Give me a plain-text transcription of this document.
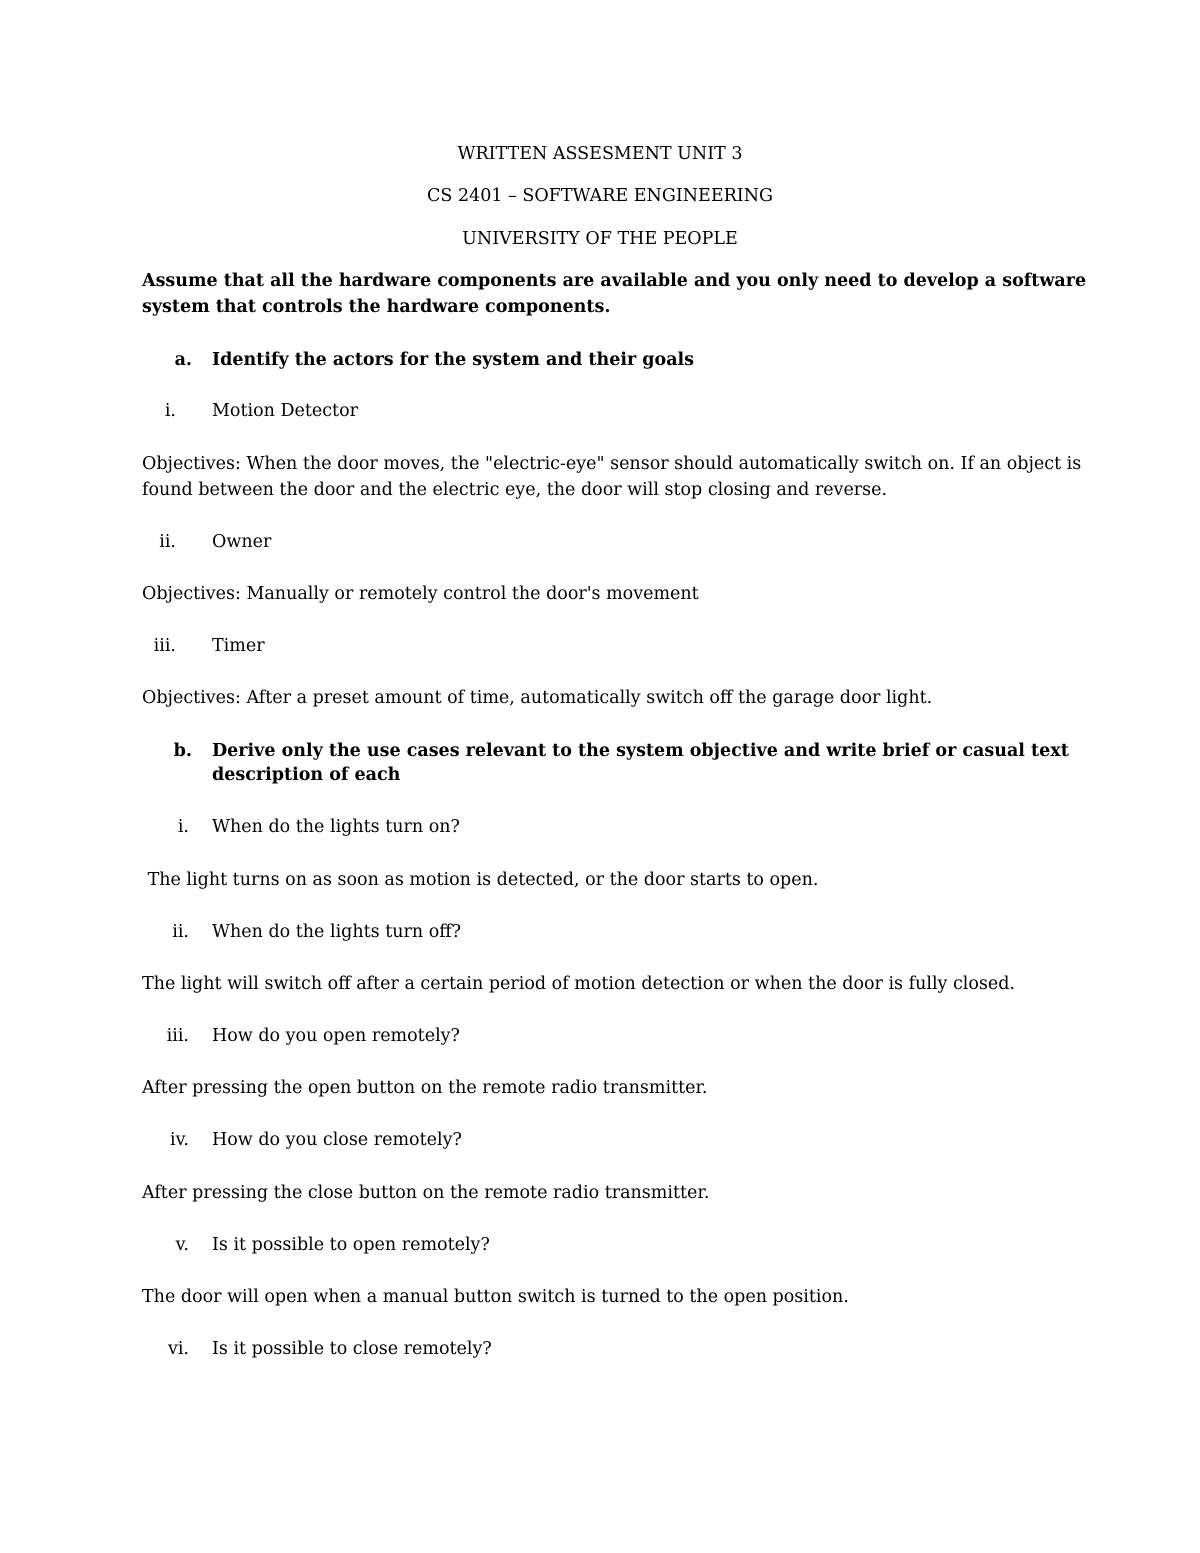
WRITTEN ASSESMENT UNIT 3
CS 2401 – SOFTWARE ENGINEERING
UNIVERSITY OF THE PEOPLE
Assume that all the hardware components are available and you only need to develop a software
system that controls the hardware components.
a. Identify the actors for the system and their goals
i. Motion Detector
Objectives: When the door moves, the "electric-eye" sensor should automatically switch on. If an object is
found between the door and the electric eye, the door will stop closing and reverse.
ii. Owner
Objectives: Manually or remotely control the door's movement
iii. Timer
Objectives: After a preset amount of time, automatically switch off the garage door light.
b. Derive only the use cases relevant to the system objective and write brief or casual text
description of each
i. When do the lights turn on?
The light turns on as soon as motion is detected, or the door starts to open.
ii. When do the lights turn off?
The light will switch off after a certain period of motion detection or when the door is fully closed.
iii. How do you open remotely?
After pressing the open button on the remote radio transmitter.
iv. How do you close remotely?
After pressing the close button on the remote radio transmitter.
v. Is it possible to open remotely?
The door will open when a manual button switch is turned to the open position.
vi. Is it possible to close remotely?
